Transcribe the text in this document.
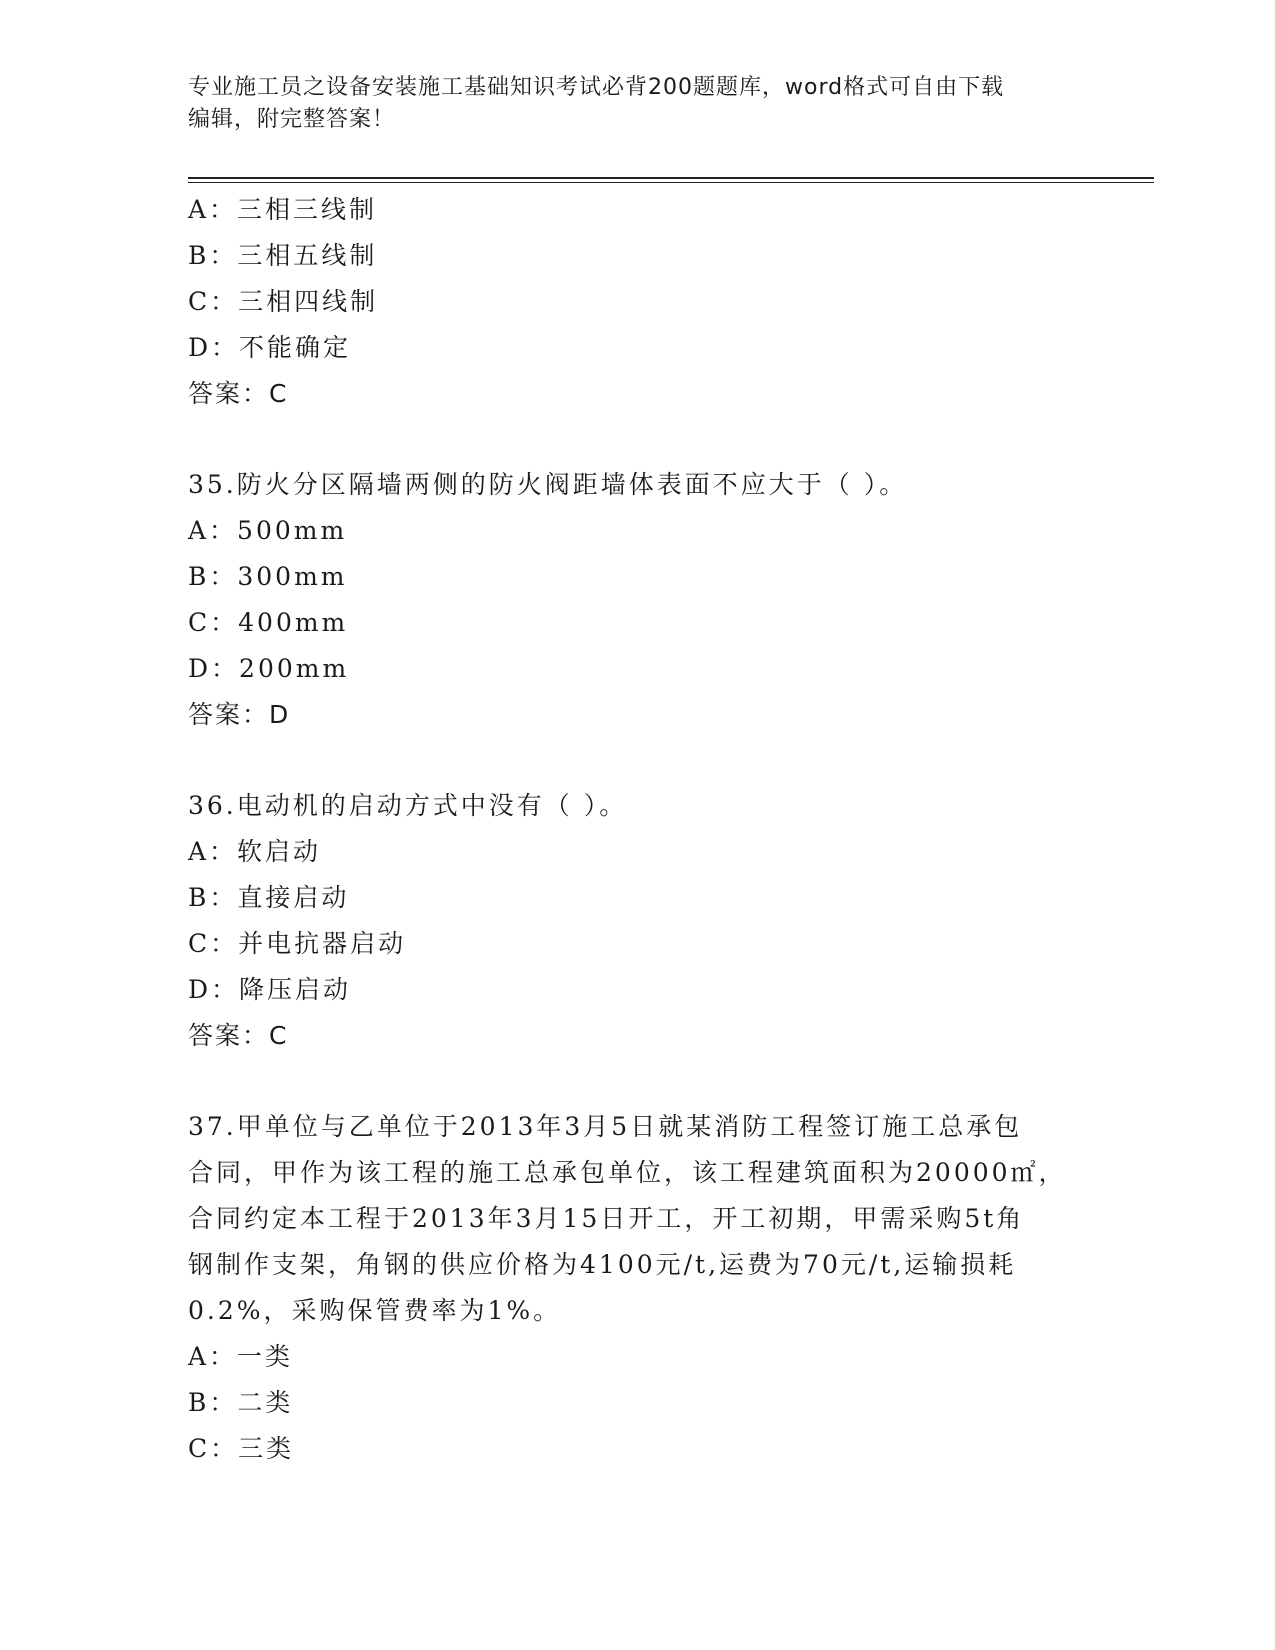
专业施工员之设备安装施工基础知识考试必背200题题库，word格式可自由下载
编辑，附完整答案！
A：三相三线制
B：三相五线制
C：三相四线制
D：不能确定
答案：C
35.防火分区隔墙两侧的防火阀距墙体表面不应大于（ ）。
A：500mm
B：300mm
C：400mm
D：200mm
答案：D
36.电动机的启动方式中没有（ ）。
A：软启动
B：直接启动
C：并电抗器启动
D：降压启动
答案：C
37.甲单位与乙单位于2013年3月5日就某消防工程签订施工总承包
合同，甲作为该工程的施工总承包单位，该工程建筑面积为20000㎡，
合同约定本工程于2013年3月15日开工，开工初期，甲需采购5t角
钢制作支架，角钢的供应价格为4100元/t,运费为70元/t,运输损耗
0.2%，采购保管费率为1%。
A：一类
B：二类
C：三类
